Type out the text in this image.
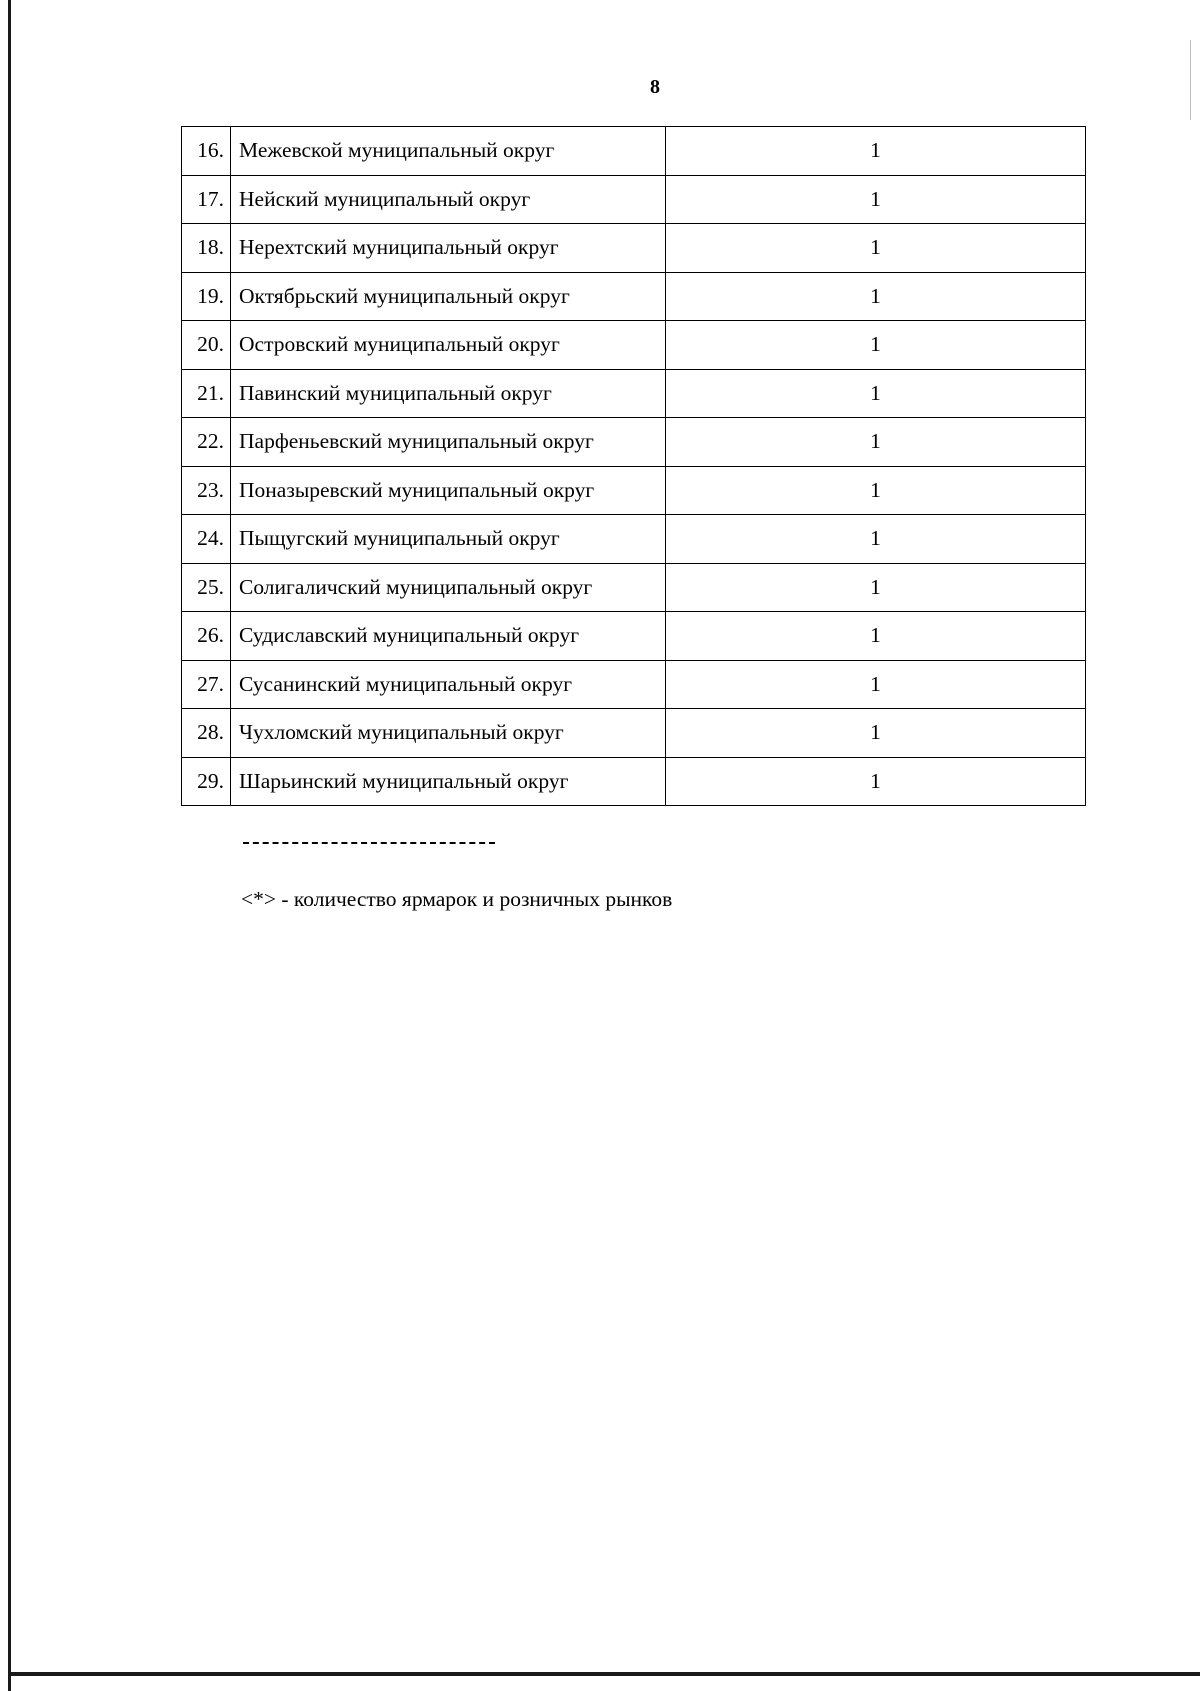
8
16.	Межевской муниципальный округ	1
17.	Нейский муниципальный округ	1
18.	Нерехтский муниципальный округ	1
19.	Октябрьский муниципальный округ	1
20.	Островский муниципальный округ	1
21.	Павинский муниципальный округ	1
22.	Парфеньевский муниципальный округ	1
23.	Поназыревский муниципальный округ	1
24.	Пыщугский муниципальный округ	1
25.	Солигаличский муниципальный округ	1
26.	Судиславский муниципальный округ	1
27.	Сусанинский муниципальный округ	1
28.	Чухломский муниципальный округ	1
29.	Шарьинский муниципальный округ	1
<*> - количество ярмарок и розничных рынков
